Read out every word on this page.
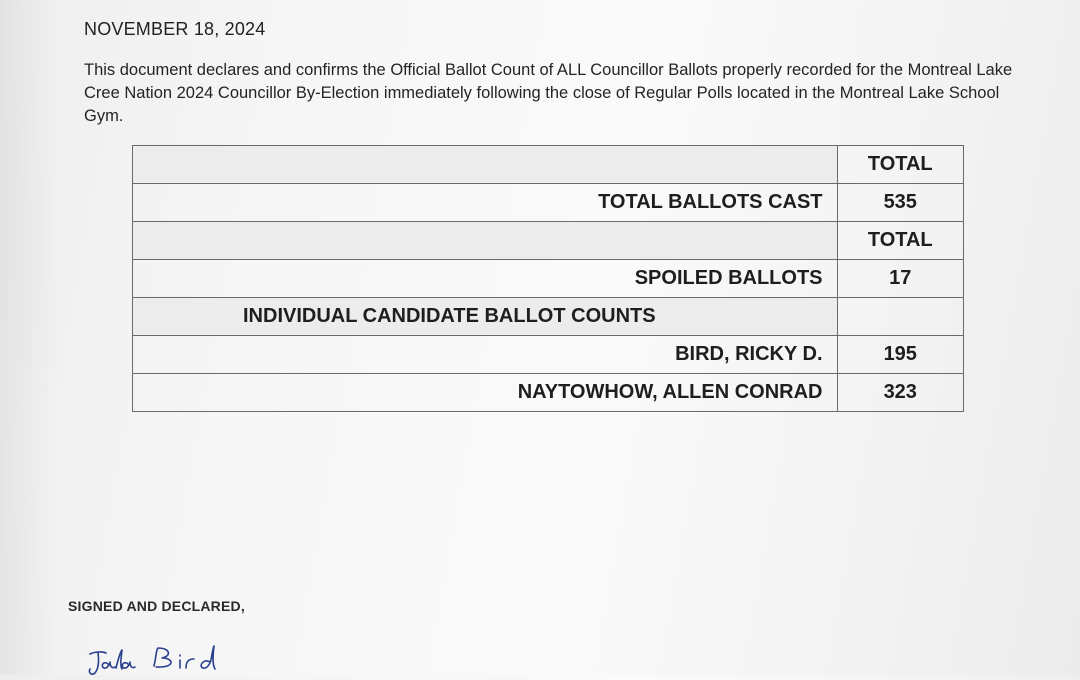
NOVEMBER 18, 2024
This document declares and confirms the Official Ballot Count of ALL Councillor Ballots properly recorded for the Montreal Lake Cree Nation 2024 Councillor By-Election immediately following the close of Regular Polls located in the Montreal Lake School Gym.
	TOTAL
TOTAL BALLOTS CAST	535
	TOTAL
SPOILED BALLOTS	17
INDIVIDUAL CANDIDATE BALLOT COUNTS	
BIRD, RICKY D.	195
NAYTOWHOW, ALLEN CONRAD	323
SIGNED AND DECLARED,
